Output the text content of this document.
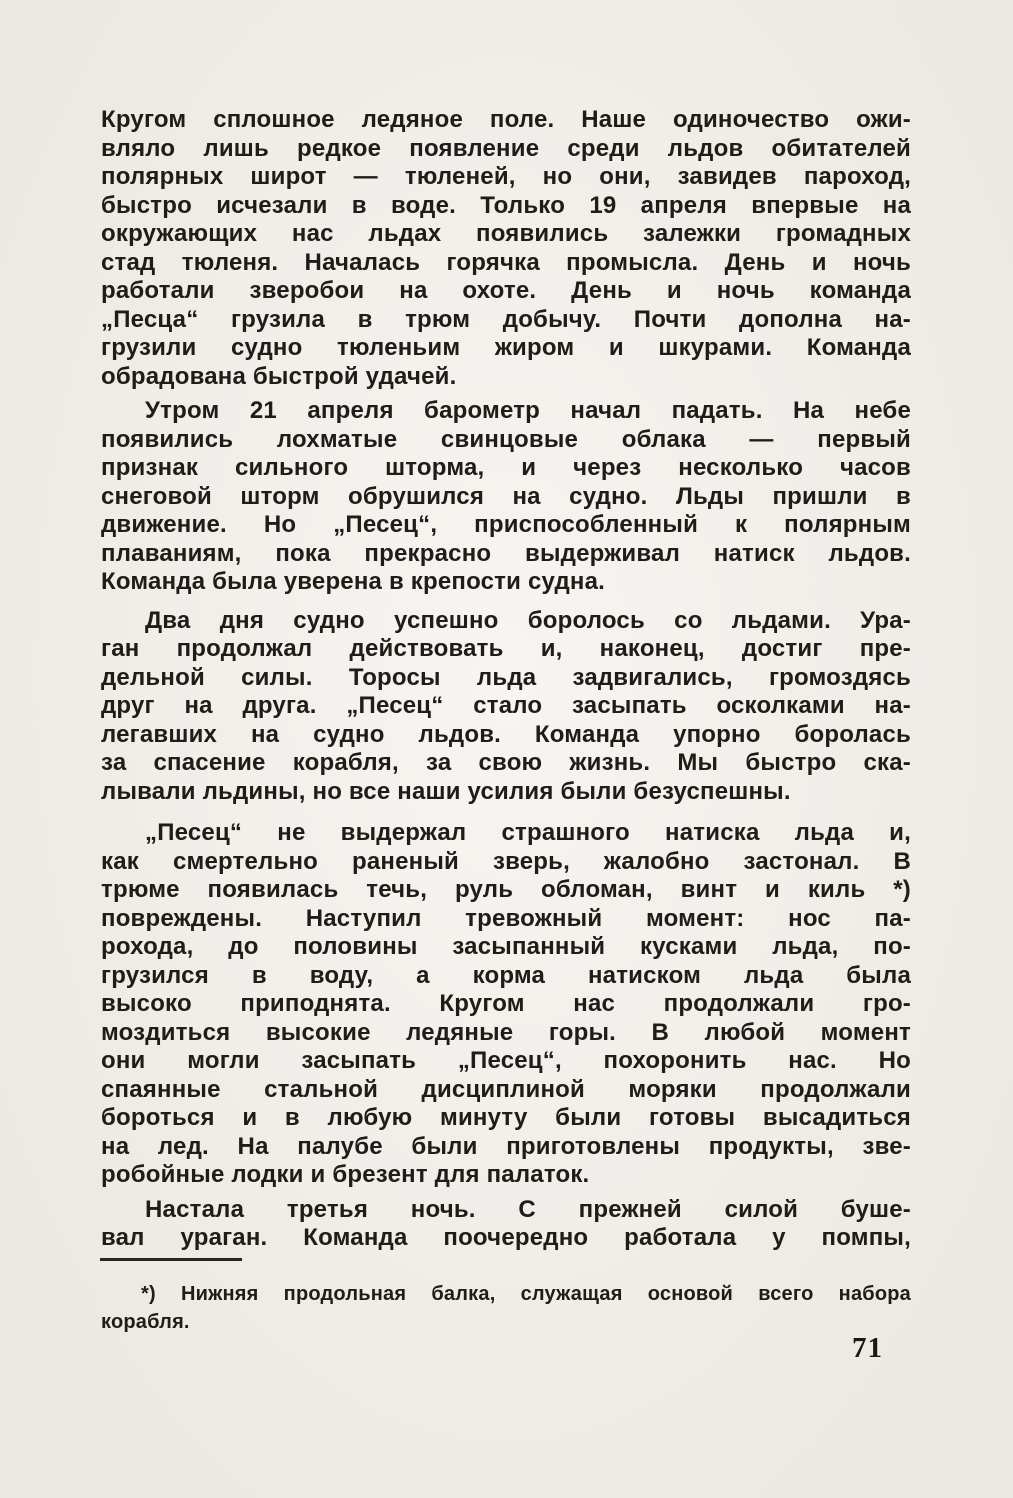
Кругом сплошное ледяное поле. Наше одиночество ожи-
вляло лишь редкое появление среди льдов обитателей
полярных широт — тюленей, но они, завидев пароход,
быстро исчезали в воде. Только 19 апреля впервые на
окружающих нас льдах появились залежки громадных
стад тюленя. Началась горячка промысла. День и ночь
работали зверобои на охоте. День и ночь команда
„Песца“ грузила в трюм добычу. Почти дополна на-
грузили судно тюленьим жиром и шкурами. Команда
обрадована быстрой удачей.
Утром 21 апреля барометр начал падать. На небе
появились лохматые свинцовые облака — первый
признак сильного шторма, и через несколько часов
снеговой шторм обрушился на судно. Льды пришли в
движение. Но „Песец“, приспособленный к полярным
плаваниям, пока прекрасно выдерживал натиск льдов.
Команда была уверена в крепости судна.
Два дня судно успешно боролось со льдами. Ура-
ган продолжал действовать и, наконец, достиг пре-
дельной силы. Торосы льда задвигались, громоздясь
друг на друга. „Песец“ стало засыпать осколками на-
легавших на судно льдов. Команда упорно боролась
за спасение корабля, за свою жизнь. Мы быстро ска-
лывали льдины, но все наши усилия были безуспешны.
„Песец“ не выдержал страшного натиска льда и,
как смертельно раненый зверь, жалобно застонал. В
трюме появилась течь, руль обломан, винт и киль *)
повреждены. Наступил тревожный момент: нос па-
рохода, до половины засыпанный кусками льда, по-
грузился в воду, а корма натиском льда была
высоко приподнята. Кругом нас продолжали гро-
моздиться высокие ледяные горы. В любой момент
они могли засыпать „Песец“, похоронить нас. Но
спаянные стальной дисциплиной моряки продолжали
бороться и в любую минуту были готовы высадиться
на лед. На палубе были приготовлены продукты, зве-
робойные лодки и брезент для палаток.
Настала третья ночь. С прежней силой буше-
вал ураган. Команда поочередно работала у помпы,
*) Нижняя продольная балка, служащая основой всего набора
корабля.
71
